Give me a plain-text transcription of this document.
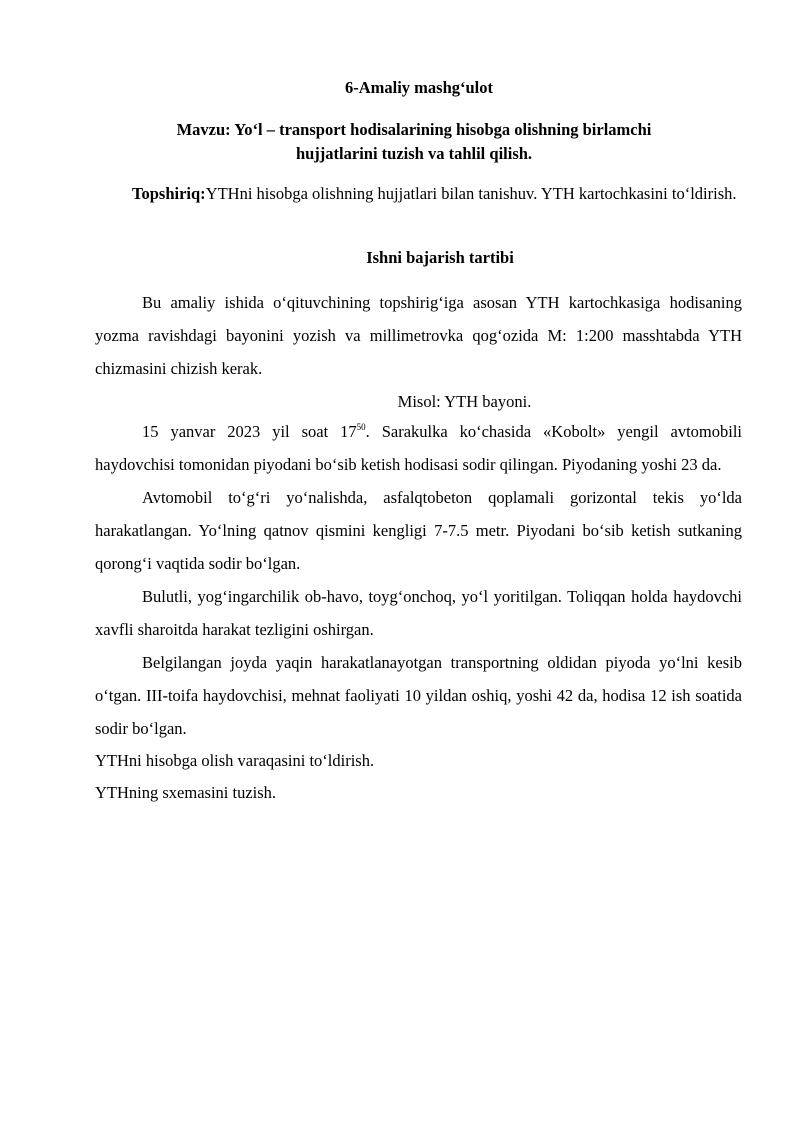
6-Amaliy mashg‘ulot
Mavzu: Yo‘l – transport hodisalarining hisobga olishning birlamchi
hujjatlarini tuzish va tahlil qilish.
Topshiriq:YTHni hisobga olishning hujjatlari bilan tanishuv. YTH kartochkasini to‘ldirish.
Ishni bajarish tartibi

Bu amaliy ishida o‘qituvchining topshirig‘iga asosan YTH kartochkasiga hodisaning yozma ravishdagi bayonini yozish va millimetrovka qog‘ozida M: 1:200 masshtabda YTH chizmasini chizish kerak.

Misol: YTH bayoni.

15 yanvar 2023 yil soat $17^{50}$. Sarakulka ko‘chasida «Kobolt» yengil avtomobili haydovchisi tomonidan piyodani bo‘sib ketish hodisasi sodir qilingan. Piyodaning yoshi 23 da.

Avtomobil to‘g‘ri yo‘nalishda, asfalqtobeton qoplamali gorizontal tekis yo‘lda harakatlangan. Yo‘lning qatnov qismini kengligi 7-7.5 metr. Piyodani bo‘sib ketish sutkaning qorong‘i vaqtida sodir bo‘lgan.

Bulutli, yog‘ingarchilik ob-havo, toyg‘onchoq, yo‘l yoritilgan. Toliqqan holda haydovchi xavfli sharoitda harakat tezligini oshirgan.

Belgilangan joyda yaqin harakatlanayotgan transportning oldidan piyoda yo‘lni kesib o‘tgan. III-toifa haydovchisi, mehnat faoliyati 10 yildan oshiq, yoshi 42 da, hodisa 12 ish soatida sodir bo‘lgan.

YTHni hisobga olish varaqasini to‘ldirish.

YTHning sxemasini tuzish.
